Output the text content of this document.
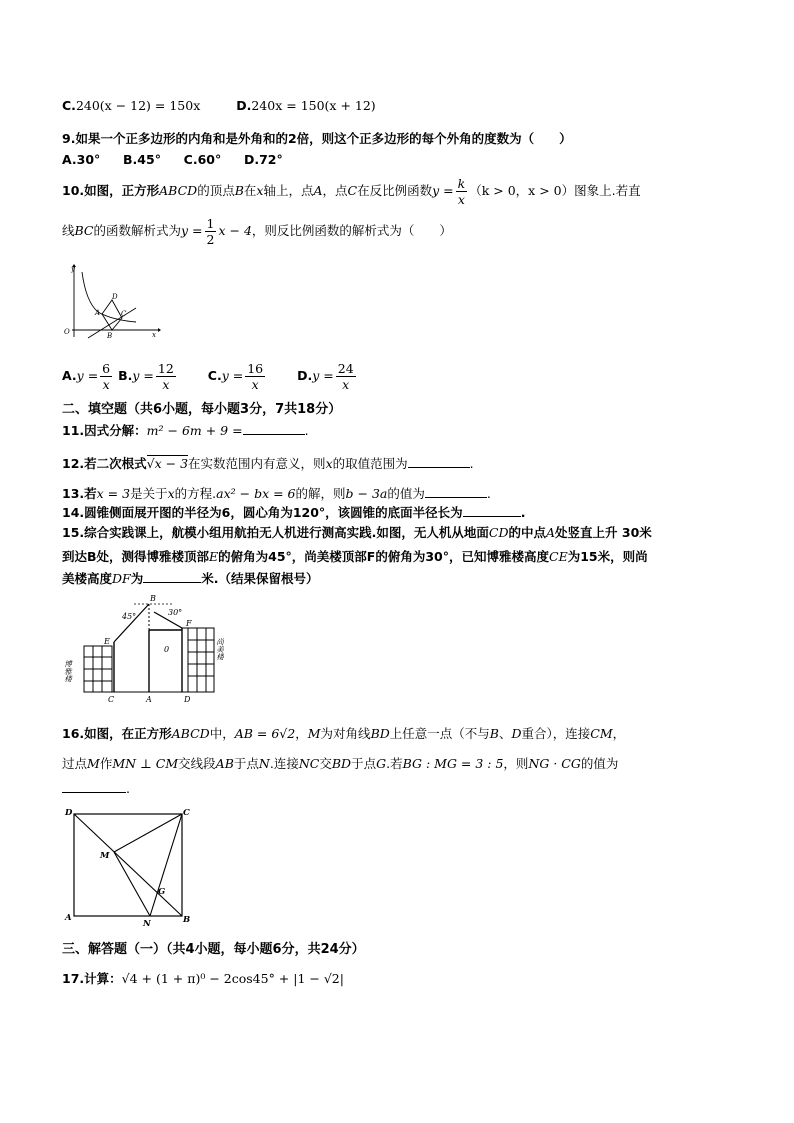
C.240(x − 12) = 150x	D.240x = 150(x + 12)
9.如果一个正多边形的内角和是外角和的2倍，则这个正多边形的每个外角的度数为（　　）
A.30° B.45° C.60° D.72°
10.如图，正方形ABCD的顶点B在x轴上，点A，点C在反比例函数$y = \frac{k}{x} (k > 0$，x > 0）图象上.若直
线BC的函数解析式为$y = \frac{1}{2}$ x − 4，则反比例函数的解析式为（　　）
y
O	x
D
A	C
B
$A.y = \frac{6}{x} B.y = \frac{12}{x}$	$C.y = \frac{16}{x}$	$D.y = \frac{24}{x}$
二、填空题（共6小题，每小题3分，7共18分）
11.因式分解：m² − 6m + 9 =	.
12.若二次根式√x − 3在实数范围内有意义，则x的取值范围为	.
13.若x = 3是关于x的方程.ax² − bx = 6的解，则b − 3a的值为	.
14.圆锥侧面展开图的半径为6，圆心角为120°，该圆锥的底面半径长为	.
15.综合实践课上，航模小组用航拍无人机进行测高实践.如图，无人机从地面CD的中点A处竖直上升 30米
到达B处，测得博雅楼顶部E的俯角为45°，尚美楼顶部F的俯角为30°，已知博雅楼高度CE为15米，则尚
美楼高度DF为	米.（结果保留根号）
B
45°	30°
E
F
0
C	A	D
博雅楼
尚美楼
16.如图，在正方形ABCD中，AB = 6√2，M为对角线BD上任意一点（不与B、D重合），连接CM，
过点M作MN ⊥ CM交线段AB于点N.连接NC交BD于点G.若BG : MG = 3 : 5，则NG · CG的值为
.
D	C
A	B
M
G
N
三、解答题（一）（共4小题，每小题6分，共24分）
17.计算：√4 + (1 + π)⁰ − 2cos45° + |1 − √2|
